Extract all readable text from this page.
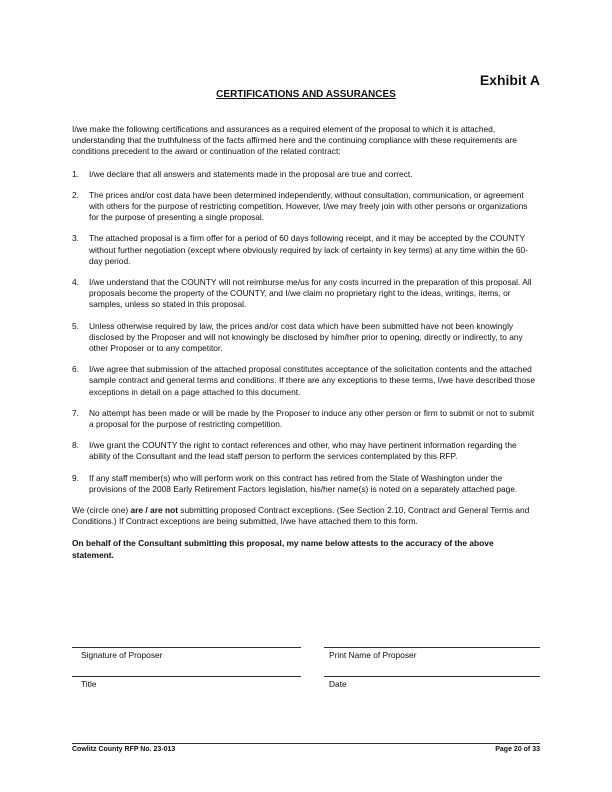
Exhibit A
CERTIFICATIONS AND ASSURANCES

I/we make the following certifications and assurances as a required element of the proposal to which it is attached, understanding that the truthfulness of the facts affirmed here and the continuing compliance with these requirements are conditions precedent to the award or continuation of the related contract:

1.	I/we declare that all answers and statements made in the proposal are true and correct.
2.	The prices and/or cost data have been determined independently, without consultation, communication, or agreement with others for the purpose of restricting competition. However, I/we may freely join with other persons or organizations for the purpose of presenting a single proposal.
3.	The attached proposal is a firm offer for a period of 60 days following receipt, and it may be accepted by the COUNTY without further negotiation (except where obviously required by lack of certainty in key terms) at any time within the 60-day period.
4.	I/we understand that the COUNTY will not reimburse me/us for any costs incurred in the preparation of this proposal. All proposals become the property of the COUNTY, and I/we claim no proprietary right to the ideas, writings, items, or samples, unless so stated in this proposal.
5.	Unless otherwise required by law, the prices and/or cost data which have been submitted have not been knowingly disclosed by the Proposer and will not knowingly be disclosed by him/her prior to opening, directly or indirectly, to any other Proposer or to any competitor.
6.	I/we agree that submission of the attached proposal constitutes acceptance of the solicitation contents and the attached sample contract and general terms and conditions. If there are any exceptions to these terms, I/we have described those exceptions in detail on a page attached to this document.
7.	No attempt has been made or will be made by the Proposer to induce any other person or firm to submit or not to submit a proposal for the purpose of restricting competition.
8.	I/we grant the COUNTY the right to contact references and other, who may have pertinent information regarding the ability of the Consultant and the lead staff person to perform the services contemplated by this RFP.
9.	If any staff member(s) who will perform work on this contract has retired from the State of Washington under the provisions of the 2008 Early Retirement Factors legislation, his/her name(s) is noted on a separately attached page.

We (circle one) are / are not submitting proposed Contract exceptions. (See Section 2.10, Contract and General Terms and Conditions.) If Contract exceptions are being submitted, I/we have attached them to this form.

On behalf of the Consultant submitting this proposal, my name below attests to the accuracy of the above statement.

Signature of Proposer	Print Name of Proposer
Title	Date
Cowlitz County RFP No. 23-013	Page 20 of 33
